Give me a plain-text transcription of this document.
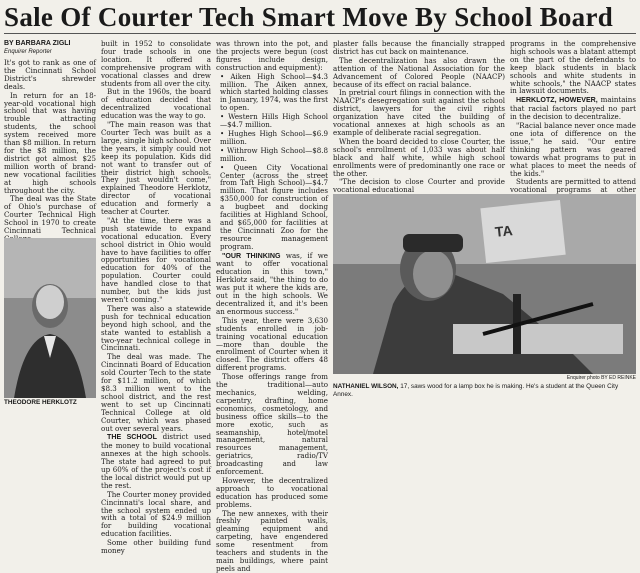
Sale Of Courter Tech Smart Move By School Board
BY BARBARA ZIGLI
Enquirer Reporter

It's got to rank as one of the Cincinnati School District's shrewder deals.

In return for an 18-year-old vocational high school that was having trouble attracting students, the school system received more than $8 million. In return for the $8 million, the district got almost $25 million worth of brand-new vocational facilities at high schools throughout the city.

The deal was the State of Ohio's purchase of Courter Technical High School in 1970 to create Cincinnati Technical

THEODORE HERKLOTZ

built in 1952 to consolidate four trade schools in one location. It offered a comprehensive program with vocational classes and drew students from all over the city.

But in the 1960s, the board of education decided that decentralized vocational education was the way to go.

"The main reason was that Courter Tech was built as a large, single high school. Over the years, it simply could not keep its population. Kids did not want to transfer out of their district high schools. They just wouldn't come," explained Theodore Herklotz, director of vocational education and formerly a teacher at Courter.

"At the time, there was a push statewide to expand vocational education. Every school district in Ohio would have to have facilities to offer opportunities for vocational education for 40% of the population. Courter could have handled close to that number, but the kids just weren't coming."

There was also a statewide push for technical education beyond high school, and the state wanted to establish a two-year technical college in Cincinnati.

The deal was made. The Cincinnati Board of Education sold Courter Tech to the state for $11.2 million, of which $8.3 million went to the school district, and the rest went to set up Cincinnati Technical College at old Courter, which was phased out over several years.

THE SCHOOL district used the money to build vocational annexes at the high schools. The state had agreed to put up 60% of the project's cost if the local district would put up the rest.

The Courter money provided Cincinnati's local share, and the school system ended up with a total of $24.9 million for building vocational education facilities.

Some other building fund money

was thrown into the pot, and the projects were begun (cost figures include design, construction and equipment):

• Aiken High School—$4.3 million. The Aiken annex, which started holding classes in January, 1974, was the first to open.

• Western Hills High School—$4.7 million.

• Hughes High School—$6.9 million.

• Withrow High School—$8.8 million.

• Queen City Vocational Center (across the street from Taft High School)—$4.7 million. That figure includes $350,000 for construction of a bugbeet and docking facilities at Highland School, and $65,000 for facilities at the Cincinnati Zoo for the resource management program.

"OUR THINKING was, if we want to offer vocational education in this town," Herklotz said, "the thing to do was put it where the kids are, out in the high schools. We decentralized it, and it's been an enormous success."

This year, there were 3,630 students enrolled in job-training vocational education—more than double the enrollment of Courter when it closed. The district offers 48 different programs.

Those offerings range from the traditional—auto mechanics, welding, carpentry, drafting, home economics, cosmetology, and business office skills—to the more exotic, such as seamanship, hotel/motel management, natural resources management, geriatrics, radio/TV broadcasting and law enforcement.

However, the decentralized approach to vocational education has produced some problems.

The new annexes, with their freshly painted walls, gleaming equipment and carpeting, have engendered some resentment from teachers and students in the main buildings, where paint peels and

plaster falls because the financially strapped district has cut back on maintenance.

The decentralization has also drawn the attention of the National Association for the Advancement of Colored People (NAACP) because of its effect on racial balance.

In pretrial court filings in connection with the NAACP's desegregation suit against the school district, lawyers for the civil rights organization have cited the building of vocational annexes at high schools as an example of deliberate racial segregation.

When the board decided to close Courter, the school's enrollment of 1,033 was about half black and half white, while high school enrollments were of predominantly one race or the other.

"The decision to close Courter and provide vocational educational

programs in the comprehensive high schools was a blatant attempt on the part of the defendants to keep black students in black schools and white students in white schools," the NAACP states in lawsuit documents.

HERKLOTZ, HOWEVER, maintains that racial factors played no part in the decision to decentralize.

"Racial balance never once made one iota of difference on the issue," he said. "Our entire thinking pattern was geared towards what programs to put in what places to meet the needs of the kids."

Students are permitted to attend vocational programs at other

TA
Enquirer photo BY ED REINKE
NATHANIEL WILSON, 17, saws wood for a lamp box he is making. He's a student at the Queen City Annex.
